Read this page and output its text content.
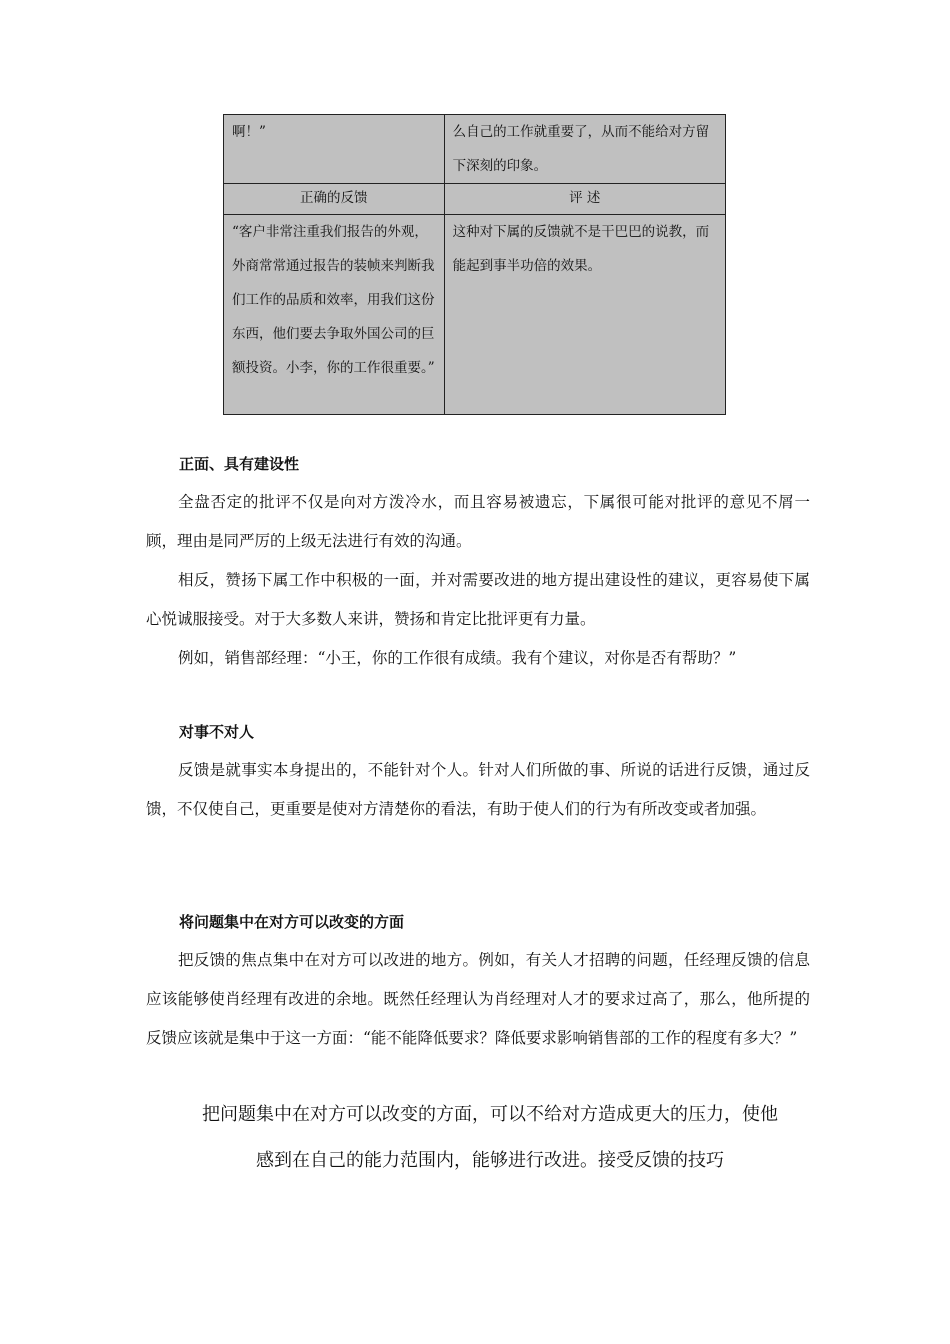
啊！”	么自己的工作就重要了，从而不能给对方留下深刻的印象。
正确的反馈	评 述
“客户非常注重我们报告的外观，外商常常通过报告的装帧来判断我们工作的品质和效率，用我们这份东西，他们要去争取外国公司的巨额投资。小李，你的工作很重要。”	这种对下属的反馈就不是干巴巴的说教，而能起到事半功倍的效果。
正面、具有建设性

全盘否定的批评不仅是向对方泼冷水，而且容易被遗忘，下属很可能对批评的意见不屑一顾，理由是同严厉的上级无法进行有效的沟通。

相反，赞扬下属工作中积极的一面，并对需要改进的地方提出建设性的建议，更容易使下属心悦诚服接受。对于大多数人来讲，赞扬和肯定比批评更有力量。

例如，销售部经理：“小王，你的工作很有成绩。我有个建议，对你是否有帮助？”

对事不对人

反馈是就事实本身提出的，不能针对个人。针对人们所做的事、所说的话进行反馈，通过反馈，不仅使自己，更重要是使对方清楚你的看法，有助于使人们的行为有所改变或者加强。

将问题集中在对方可以改变的方面

把反馈的焦点集中在对方可以改进的地方。例如，有关人才招聘的问题，任经理反馈的信息应该能够使肖经理有改进的余地。既然任经理认为肖经理对人才的要求过高了，那么，他所提的反馈应该就是集中于这一方面：“能不能降低要求？降低要求影响销售部的工作的程度有多大？”

把问题集中在对方可以改变的方面，可以不给对方造成更大的压力，使他

感到在自己的能力范围内，能够进行改进。接受反馈的技巧
